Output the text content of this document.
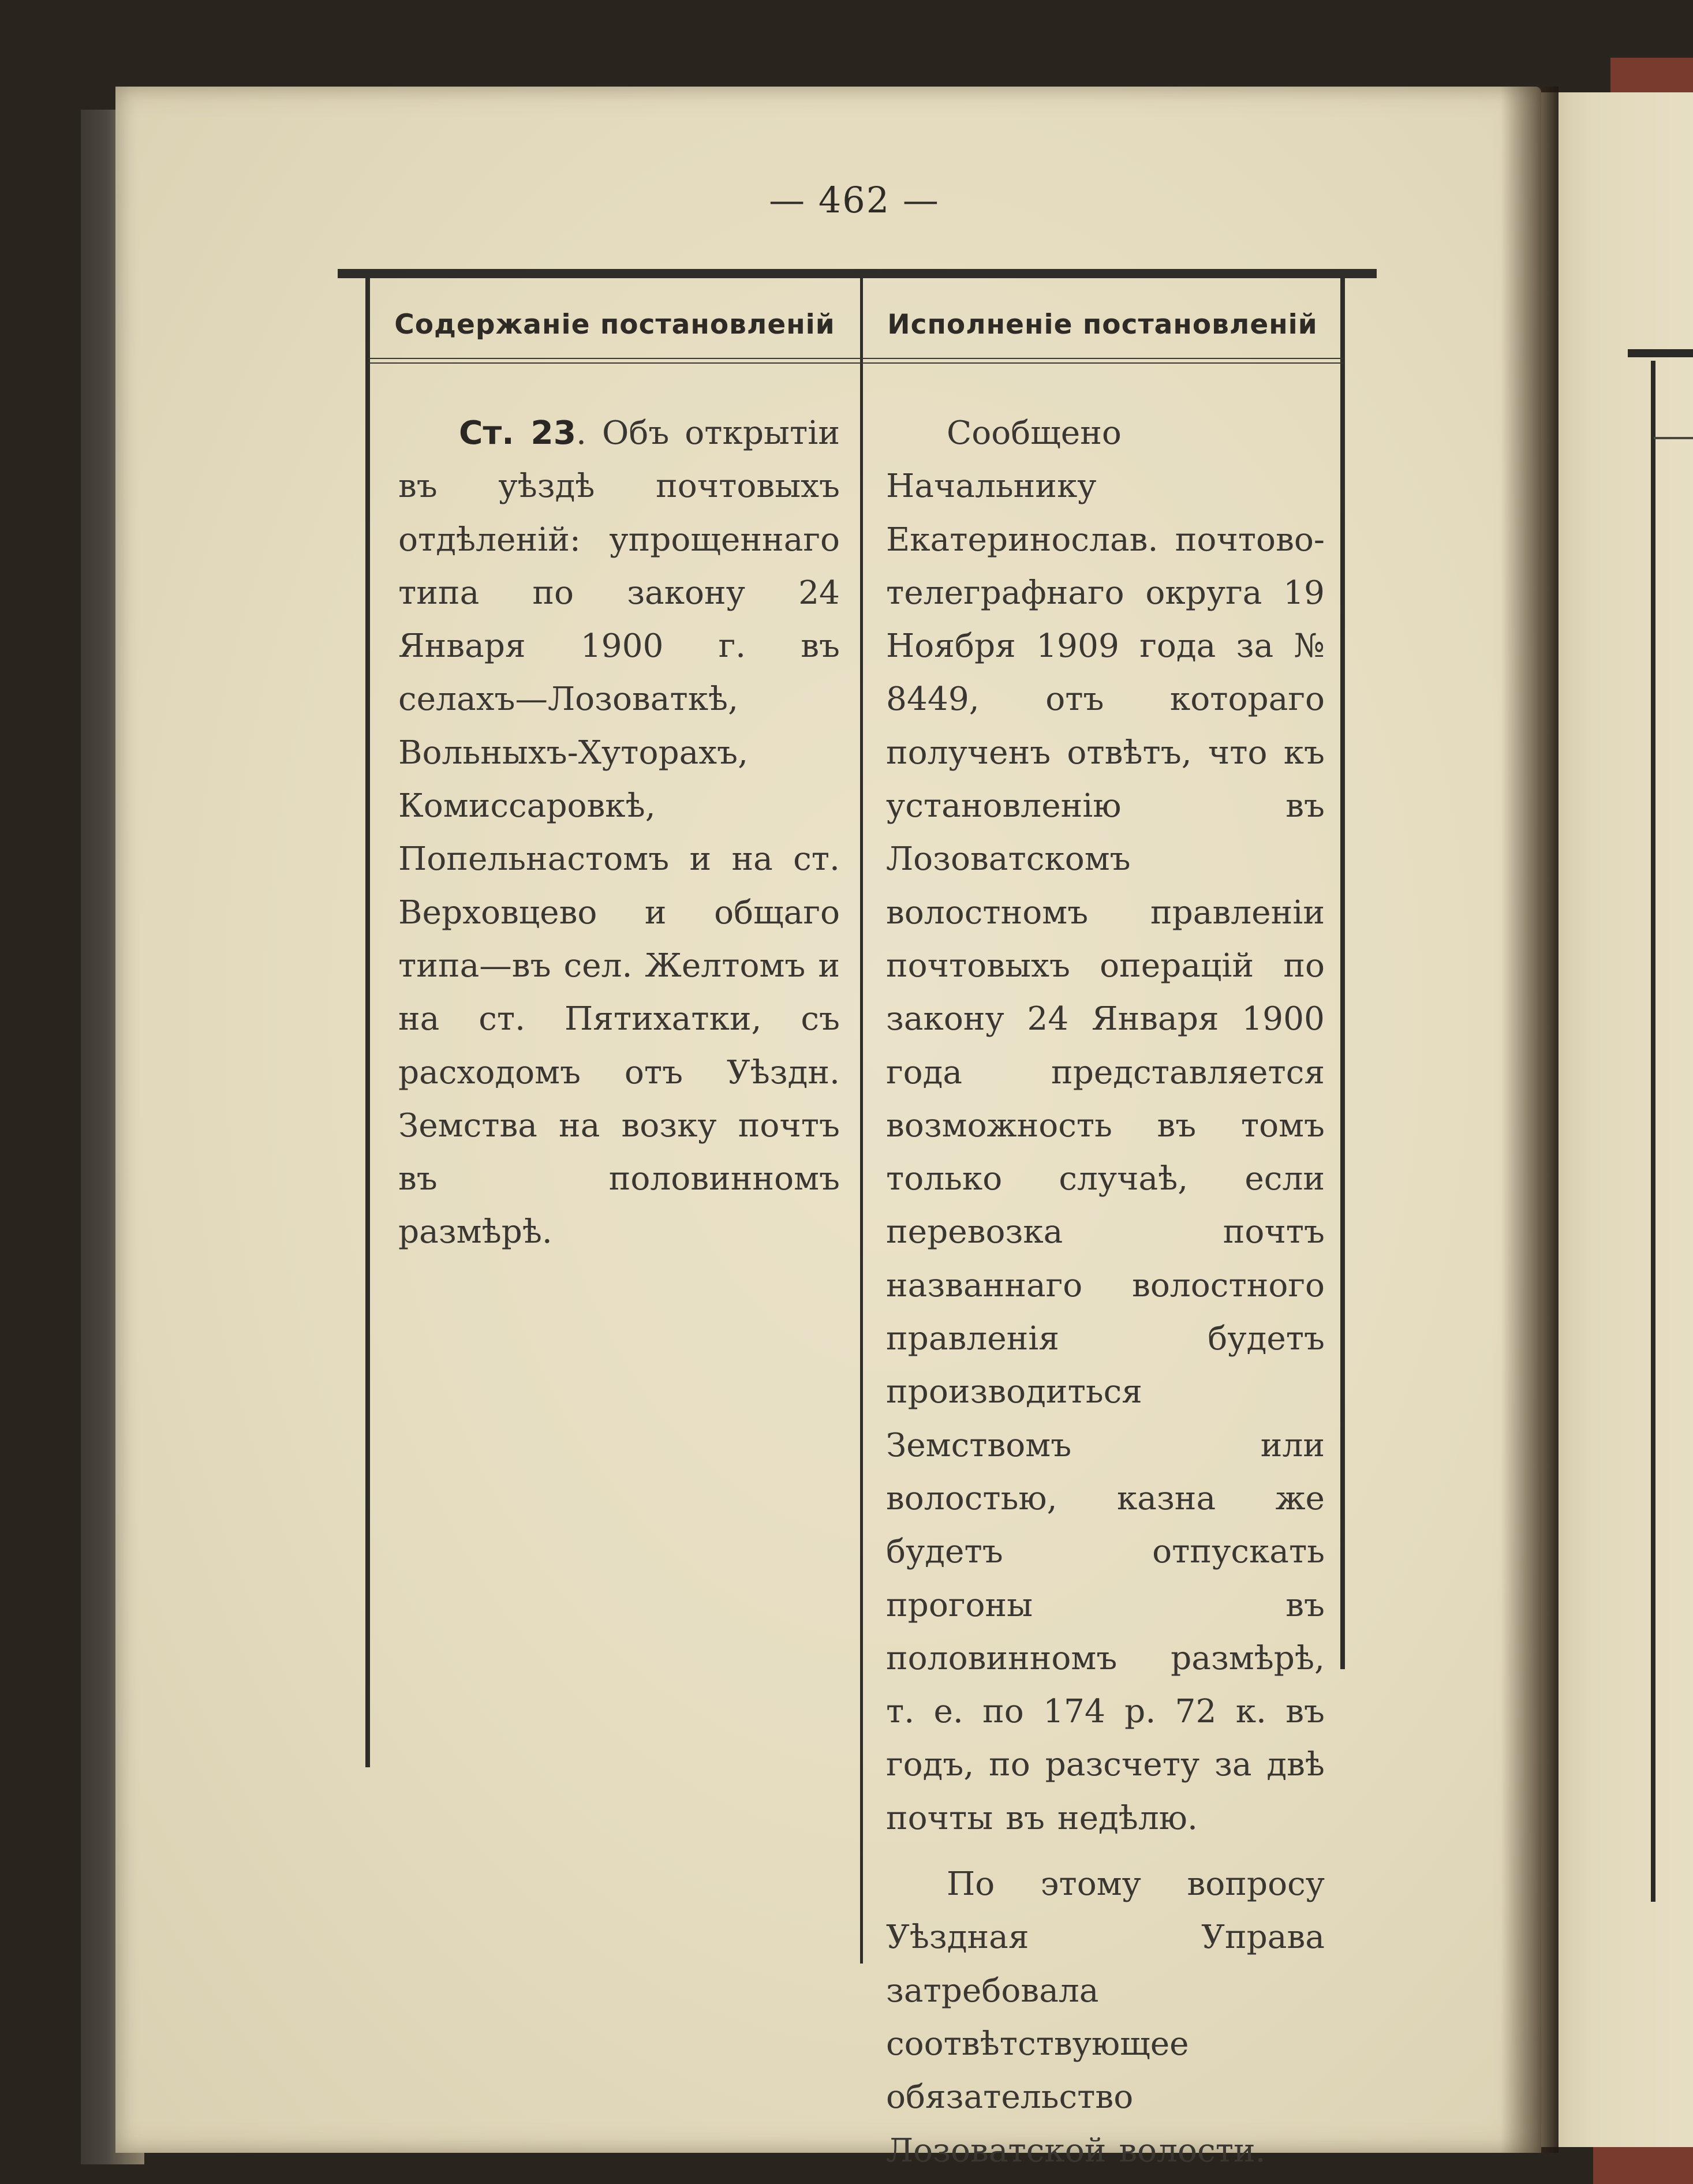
— 462 —
Содержаніе постановленій	Исполненіе постановленій

Ст. 23. Объ открытіи въ уѣздѣ почтовыхъ отдѣленій: упрощеннаго типа по закону 24 Января 1900 г. въ селахъ—Лозоваткѣ, Вольныхъ-Хуторахъ, Комиссаровкѣ, Попельнастомъ и на ст. Верховцево и общаго типа—въ сел. Желтомъ и на ст. Пятихатки, съ расходомъ отъ Уѣздн. Земства на возку почтъ въ половинномъ размѣрѣ.

Сообщено Начальнику Екатеринослав. почтово-телеграфнаго округа 19 Ноября 1909 года за № 8449, отъ котораго полученъ отвѣтъ, что къ установленію въ Лозоватскомъ волостномъ правленіи почтовыхъ операцій по закону 24 Января 1900 года представляется возможность въ томъ только случаѣ, если перевозка почтъ названнаго волостного правленія будетъ производиться Земствомъ или волостью, казна же будетъ отпускать прогоны въ половинномъ размѣрѣ, т. е. по 174 р. 72 к. въ годъ, по разсчету за двѣ почты въ недѣлю.

По этому вопросу Уѣздная Управа затребовала соотвѣтствующее обязательство Лозоватской волости.
